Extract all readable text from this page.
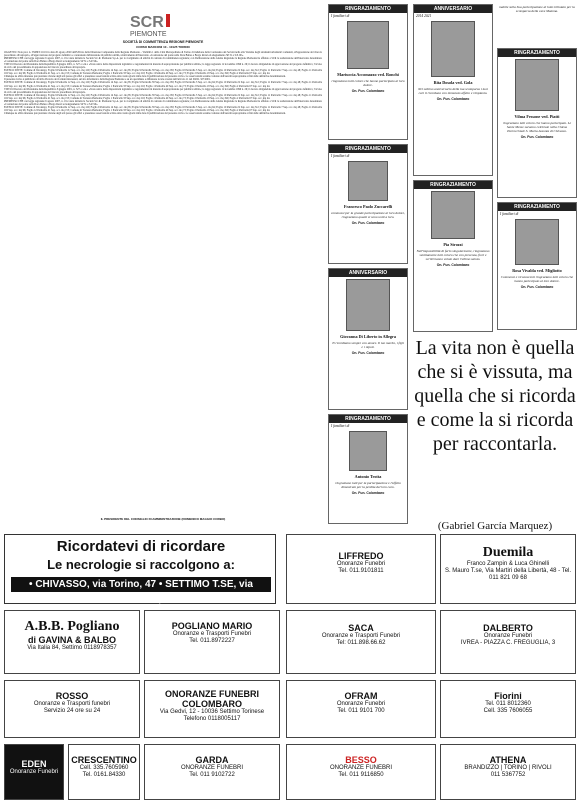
SCR
PIEMONTE
SOCIETÀ DI COMMITTENZA REGIONE PIEMONTE
CORSO MARCONI 10 - 10125 TORINO

OGGETTO: Nota prot. n. 55089/T.10.01 in data 20 agosto 2020 dell'Ufficio della Direzione Competente della Regione Piemonte – Viabilità 1 della Città Metropolitana di Torino di indizione della Conferenza dei Servizi nella alla Variante degli strumenti urbanistici comunali, all'apposizione del vincolo preordinato all'esproprio, all'approvazione del progetto definitivo e contestuale dichiarazione di pubblica utilità, relativamente all'intervento «Costruzione del ponte sulla Dora Baltea a Borgo Revel ed adeguamento SP 31 e S.P. 90».

PREMESSO CHE con legge regionale 6 agosto 2007, n. 19 è stata istituita la Società S.C.R. Piemonte S.p.A. per lo svolgimento di attività di centrale di committenza regionale; con Deliberazione della Giunta Regionale la Regione Piemonte ha affidato a SCR la realizzazione dell'intervento denominato «Costruzione del ponte sulla Dora Baltea a Borgo Revel ed adeguamento SP 31 e S.P. 90».

VISTO il Decreto del Presidente della Repubblica 8 giugno 2001, n. 327 e s.m.i. «Testo unico delle disposizioni legislative e regolamentari in materia di espropriazione per pubblica utilità»; la legge regionale 12 novembre 1999 n. 29; il decreto dirigenziale di approvazione del progetto definitivo; l'avviso di avvio del procedimento di apposizione del vincolo preordinato all'esproprio.

ELENCO DITTE: Comune di Verolengo; Foglio 9 Particella 12 Sup. occ. mq 120; Foglio 9 Particella 14 Sup. occ. mq 85; Foglio 9 Particella 58 Sup. occ. mq 230; Foglio 10 Particella 3 Sup. occ. mq 64; Foglio 10 Particella 22 Sup. occ. mq 312; Foglio 11 Particella 7 Sup. occ. mq 48; Foglio 11 Particella 102 Sup. occ. mq 96; Foglio 12 Particella 41 Sup. occ. mq 155; Comune di Torrazza Piemonte; Foglio 1 Particella 33 Sup. occ. mq 210; Foglio 1 Particella 40 Sup. occ. mq 73; Foglio 2 Particella 18 Sup. occ. mq 190; Foglio 2 Particella 67 Sup. occ. mq 44.

Chiunque ne abbia interesse può prendere visione degli atti presso gli uffici e presentare osservazioni scritte entro trenta giorni dalla data di pubblicazione del presente avviso. Le osservazioni saranno valutate dall'autorità espropriante ai fini delle definitive determinazioni.

Il presente avviso è pubblicato all'Albo Pretorio dei Comuni interessati, sul sito informatico della Regione Piemonte e su un quotidiano a diffusione locale ai sensi dell'articolo 11 del D.P.R. 327/2001.

ELENCO DITTE: Comune di Verolengo; Foglio 9 Particella 12 Sup. occ. mq 120; Foglio 9 Particella 14 Sup. occ. mq 85; Foglio 9 Particella 58 Sup. occ. mq 230; Foglio 10 Particella 3 Sup. occ. mq 64; Foglio 10 Particella 22 Sup. occ. mq 312; Foglio 11 Particella 7 Sup. occ. mq 48; Foglio 11 Particella 102 Sup. occ. mq 96; Foglio 12 Particella 41 Sup. occ. mq 155; Comune di Torrazza Piemonte; Foglio 1 Particella 33 Sup. occ. mq 210; Foglio 1 Particella 40 Sup. occ. mq 73; Foglio 2 Particella 18 Sup. occ. mq 190; Foglio 2 Particella 67 Sup. occ. mq 44.

VISTO il Decreto del Presidente della Repubblica 8 giugno 2001, n. 327 e s.m.i. «Testo unico delle disposizioni legislative e regolamentari in materia di espropriazione per pubblica utilità»; la legge regionale 12 novembre 1999 n. 29; il decreto dirigenziale di approvazione del progetto definitivo; l'avviso di avvio del procedimento di apposizione del vincolo preordinato all'esproprio.

ELENCO DITTE: Comune di Verolengo; Foglio 9 Particella 12 Sup. occ. mq 120; Foglio 9 Particella 14 Sup. occ. mq 85; Foglio 9 Particella 58 Sup. occ. mq 230; Foglio 10 Particella 3 Sup. occ. mq 64; Foglio 10 Particella 22 Sup. occ. mq 312; Foglio 11 Particella 7 Sup. occ. mq 48; Foglio 11 Particella 102 Sup. occ. mq 96; Foglio 12 Particella 41 Sup. occ. mq 155; Comune di Torrazza Piemonte; Foglio 1 Particella 33 Sup. occ. mq 210; Foglio 1 Particella 40 Sup. occ. mq 73; Foglio 2 Particella 18 Sup. occ. mq 190; Foglio 2 Particella 67 Sup. occ. mq 44.

PREMESSO CHE con legge regionale 6 agosto 2007, n. 19 è stata istituita la Società S.C.R. Piemonte S.p.A. per lo svolgimento di attività di centrale di committenza regionale; con Deliberazione della Giunta Regionale la Regione Piemonte ha affidato a SCR la realizzazione dell'intervento denominato «Costruzione del ponte sulla Dora Baltea a Borgo Revel ed adeguamento SP 31 e S.P. 90».

ELENCO DITTE: Comune di Verolengo; Foglio 9 Particella 12 Sup. occ. mq 120; Foglio 9 Particella 14 Sup. occ. mq 85; Foglio 9 Particella 58 Sup. occ. mq 230; Foglio 10 Particella 3 Sup. occ. mq 64; Foglio 10 Particella 22 Sup. occ. mq 312; Foglio 11 Particella 7 Sup. occ. mq 48; Foglio 11 Particella 102 Sup. occ. mq 96; Foglio 12 Particella 41 Sup. occ. mq 155; Comune di Torrazza Piemonte; Foglio 1 Particella 33 Sup. occ. mq 210; Foglio 1 Particella 40 Sup. occ. mq 73; Foglio 2 Particella 18 Sup. occ. mq 190; Foglio 2 Particella 67 Sup. occ. mq 44.

Chiunque ne abbia interesse può prendere visione degli atti presso gli uffici e presentare osservazioni scritte entro trenta giorni dalla data di pubblicazione del presente avviso. Le osservazioni saranno valutate dall'autorità espropriante ai fini delle definitive determinazioni.

IL PRESIDENTE DEL CONSIGLIO DI AMMINISTRAZIONE (DOMENICO MAGGIO CORBO)
RINGRAZIAMENTO
I familiari di
Mariuccia Accomazzo ved. Ronchi
ringraziano tutti coloro che hanno partecipato al loro dolore.
On. Fun. Colombaro
RINGRAZIAMENTO
I familiari di
Francesco Paolo Zuccarelli
commossi per la grande partecipazione al loro dolore, ringraziano quanti si sono uniti a loro.
On. Fun. Colombaro
ANNIVERSARIO
Giovanna Di Liberto in Allegra
Ti ricordiamo sempre con amore. Il tuo marito, i figli e i nipoti.
On. Fun. Colombaro
RINGRAZIAMENTO
I familiari di
Antonio Trotta
ringraziano tutti per la partecipazione e l'affetto dimostrato per la perdita del loro caro.
On. Fun. Colombaro
ANNIVERSARIO
2014 2021
Rita Dosola ved. Gola
Nel settimo anniversario della tua scomparsa i tuoi cari ti ricordano con immutato affetto e rimpianto.
On. Fun. Colombaro
RINGRAZIAMENTO
Pia Strozzi
Nell'impossibilità di farlo singolarmente, ringraziano sentitamente tutti coloro che con presenza, fiori e scritti hanno voluto dare l'ultimo saluto.
On. Fun. Colombaro
mabile sulla Sua partecipazione al lutto tributato per la scomparsa della cara Mamma.
RINGRAZIAMENTO
Vilma Fessone ved. Piatti
ringraziano tutti coloro che hanno partecipato. Le Sante Messe saranno celebrate nella Chiesa Parrocchiale S. Maria Assunta di Chivasso.
On. Fun. Colombaro
RINGRAZIAMENTO
I familiari di
Rosa Vivalda ved. Migliotto
Commossi e riconoscenti ringraziano tutti coloro che hanno partecipato al loro dolore.
On. Fun. Colombaro
La vita non è quella che si è vissuta, ma quella che si ricorda e come la si ricorda per raccontarla.
(Gabriel García Marquez)
Ricordatevi di ricordare
Le necrologie si raccolgono a:
• CHIVASSO, via Torino, 47 • SETTIMO T.SE, via Giannone, 3
LIFFREDO
Onoranze Funebri
Tel. 011.9101811
Duemila
Franco Zampin & Luca Ghinelli
S. Mauro T.se, Via Martiri della Libertà, 48 - Tel. 011 821 09 68
A.B.B. Pogliano
di GAVINA & BALBO
Via Italia 84, Settimo 0118978357
POGLIANO MARIO
Onoranze e Trasporti Funebri
Tel. 011.8972227
SACA
Onoranze e Trasporti Funebri
Tel: 011.898.66.62
DALBERTO
Onoranze Funebri
IVREA - PIAZZA C. FREGUGLIA, 3
ROSSO
Onoranze e Trasporti funebri
Servizio 24 ore su 24
ONORANZE FUNEBRI COLOMBARO
Via Gedvi, 12 - 10036 Settimo Torinese
Telefono 0118005117
OFRAM
Onoranze Funebri
Tel. 011 9101 700
Fiorini
Tel. 011 8012360
Cell. 335 7606055
EDEN
Onoranze Funebri
CRESCENTINO
Cell. 335.7605960
Tel. 0161.84330
GARDA
ONORANZE FUNEBRI
Tel. 011 9102722
BESSO
ONORANZE FUNEBRI
Tel. 011 9116850
ATHENA
BRANDIZZO | TORINO | RIVOLI
011 5367752
